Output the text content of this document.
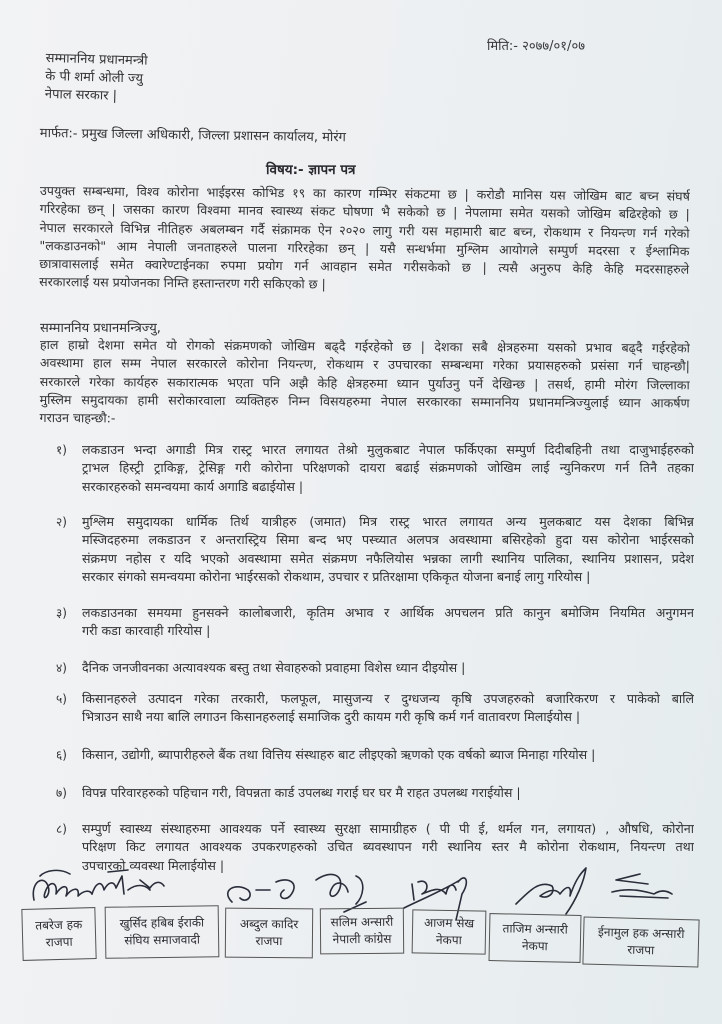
मिति:- २०७७/०१/०७
सम्माननिय प्रधानमन्त्री
के पी शर्मा ओली ज्यु
नेपाल सरकार |
मार्फत:- प्रमुख जिल्ला अधिकारी, जिल्ला प्रशासन कार्यालय, मोरंग
विषय:- ज्ञापन पत्र
उपयुक्त सम्बन्धमा, विश्व कोरोना भाईइरस कोभिड १९ का कारण गम्भिर संकटमा छ | करोडौ मानिस यस जोखिम बाट बच्न संघर्ष
गरिरहेका छन् | जसका कारण विश्वमा मानव स्वास्थ्य संकट घोषणा भै सकेको छ | नेपलामा समेत यसको जोखिम बढिरहेको छ |
नेपाल सरकारले विभिन्न नीतिहरु अबलम्बन गर्दै संक्रामक ऐन २०२० लागु गरी यस महामारी बाट बच्न, रोकथाम र नियन्त्ण गर्न गरेको
"लकडाउनको" आम नेपाली जनताहरुले पालना गरिरहेका छन् | यसै सन्धर्भमा मुश्लिम आयोगले सम्पुर्ण मदरसा र ईश्लामिक
छात्रावासलाई समेत क्वारेण्टाईनका रुपमा प्रयोग गर्न आवहान समेत गरीसकेको छ | त्यसै अनुरुप केहि केहि मदरसाहरुले
सरकारलाई यस प्रयोजनका निम्ति हस्तान्तरण गरी सकिएको छ |
सम्माननिय प्रधानमन्त्रिज्यु,
हाल हाम्रो देशमा समेत यो रोगको संक्रमणको जोखिम बढ्दै गईरहेको छ | देशका सबै क्षेत्रहरुमा यसको प्रभाव बढ्दै गईरहेको
अवस्थामा हाल सम्म नेपाल सरकारले कोरोना नियन्त्ण, रोकथाम र उपचारका सम्बन्धमा गरेका प्रयासहरुको प्रसंसा गर्न चाहन्छौ|
सरकारले गरेका कार्यहरु सकारात्मक भएता पनि अझै केहि क्षेत्रहरुमा ध्यान पुर्याउनु पर्ने देखिन्छ | तसर्थ, हामी मोरंग जिल्लाका
मुस्लिम समुदायका हामी सरोकारवाला व्यक्तिहरु निम्न विसयहरुमा नेपाल सरकारका सम्माननिय प्रधानमन्त्रिज्युलाई ध्यान आकर्षण
गराउन चाहन्छौ:-
१)	लकडाउन भन्दा अगाडी मित्र रास्ट्र भारत लगायत तेश्रो मुलुकबाट नेपाल फर्किएका सम्पुर्ण दिदीबहिनी तथा दाजुभाईहरुको
ट्राभल हिस्ट्री ट्राकिङ्ग, ट्रेसिङ्ग गरी कोरोना परिक्षणको दायरा बढाई संक्रमणको जोखिम लाई न्युनिकरण गर्न तिनै तहका
सरकारहरुको समन्वयमा कार्य अगाडि बढाईयोस |
२)	मुश्लिम समुदायका धार्मिक तिर्थ यात्रीहरु (जमात) मित्र रास्ट्र भारत लगायत अन्य मुलकबाट यस देशका बिभिन्न
मस्जिदहरुमा लकडाउन र अन्तरास्ट्रिय सिमा बन्द भए पस्च्यात अलपत्र अवस्थामा बसिरहेको हुदा यस कोरोना भाईरसको
संक्रमण नहोस र यदि भएको अवस्थामा समेत संक्रमण नफैलियोस भन्नका लागी स्थानिय पालिका, स्थानिय प्रशासन, प्रदेश
सरकार संगको समन्वयमा कोरोना भाईरसको रोकथाम, उपचार र प्रतिरक्षामा एकिकृत योजना बनाई लागु गरियोस |
३)	लकडाउनका समयमा हुनसक्ने कालोबजारी, कृतिम अभाव र आर्थिक अपचलन प्रति कानुन बमोजिम नियमित अनुगमन
गरी कडा कारवाही गरियोस |
४)	दैनिक जनजीवनका अत्यावश्यक बस्तु तथा सेवाहरुको प्रवाहमा विशेस ध्यान दीइयोस |
५)	किसानहरुले उत्पादन गरेका तरकारी, फलफूल, मासुजन्य र दुग्धजन्य कृषि उपजहरुको बजारिकरण र पाकेको बालि
भित्राउन साथै नया बालि लगाउन किसानहरुलाई समाजिक दुरी कायम गरी कृषि कर्म गर्न वातावरण मिलाईयोस |
६)	किसान, उद्योगी, ब्यापारीहरुले बैंक तथा वित्तिय संस्थाहरु बाट लीइएको ऋणको एक वर्षको ब्याज मिनाहा गरियोस |
७)	विपन्न परिवारहरुको पहिचान गरी, विपन्नता कार्ड उपलब्ध गराई घर घर मै राहत उपलब्ध गराईयोस |
८)	सम्पुर्ण स्वास्थ्य संस्थाहरुमा आवश्यक पर्ने स्वास्थ्य सुरक्षा सामाग्रीहरु ( पी पी ई, थर्मल गन, लगायत) , औषधि, कोरोना
परिक्षण किट लगायत आवश्यक उपकरणहरुको उचित ब्यवस्थापन गरी स्थानिय स्तर मै कोरोना रोकथाम, नियन्त्ण तथा
उपचारको व्यवस्था मिलाईयोस |
तबरेज हक
राजपा
खुर्सिद हबिब ईराकी
संघिय समाजवादी
अब्दुल कादिर
राजपा
सलिम अन्सारी
नेपाली कांग्रेस
आजम सेख
नेकपा
ताजिम अन्सारी
नेकपा
ईनामुल हक अन्सारी
राजपा
